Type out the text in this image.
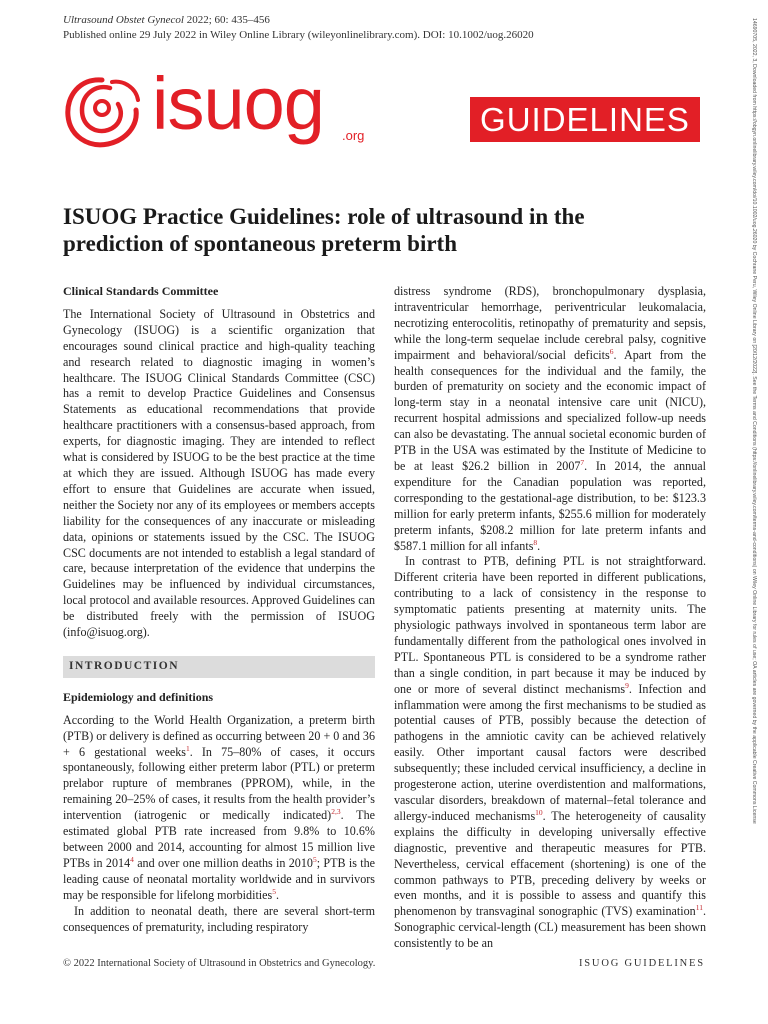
Ultrasound Obstet Gynecol 2022; 60: 435–456
Published online 29 July 2022 in Wiley Online Library (wileyonlinelibrary.com). DOI: 10.1002/uog.26020
isuog .org	GUIDELINES
ISUOG Practice Guidelines: role of ultrasound in the prediction of spontaneous preterm birth

Clinical Standards Committee

The International Society of Ultrasound in Obstetrics and Gynecology (ISUOG) is a scientific organization that encourages sound clinical practice and high-quality teaching and research related to diagnostic imaging in women’s healthcare. The ISUOG Clinical Standards Committee (CSC) has a remit to develop Practice Guidelines and Consensus Statements as educational recommendations that provide healthcare practitioners with a consensus-based approach, from experts, for diagnostic imaging. They are intended to reflect what is considered by ISUOG to be the best practice at the time at which they are issued. Although ISUOG has made every effort to ensure that Guidelines are accurate when issued, neither the Society nor any of its employees or members accepts liability for the consequences of any inaccurate or misleading data, opinions or statements issued by the CSC. The ISUOG CSC documents are not intended to establish a legal standard of care, because interpretation of the evidence that underpins the Guidelines may be influenced by individual circumstances, local protocol and available resources. Approved Guidelines can be distributed freely with the permission of ISUOG (info@isuog.org).

INTRODUCTION

Epidemiology and definitions

According to the World Health Organization, a preterm birth (PTB) or delivery is defined as occurring between 20 + 0 and 36 + 6 gestational weeks$^1$. In 75–80% of cases, it occurs spontaneously, following either preterm labor (PTL) or preterm prelabor rupture of membranes (PPROM), while, in the remaining 20–25% of cases, it results from the health provider’s intervention (iatrogenic or medically indicated)$^{2,3}$. The estimated global PTB rate increased from 9.8% to 10.6% between 2000 and 2014, accounting for almost 15 million live PTBs in 2014$^4$ and over one million deaths in 2010$^5$; PTB is the leading cause of neonatal mortality worldwide and in survivors may be responsible for lifelong morbidities$^5$.

In addition to neonatal death, there are several short-term consequences of prematurity, including respiratory

distress syndrome (RDS), bronchopulmonary dysplasia, intraventricular hemorrhage, periventricular leukomalacia, necrotizing enterocolitis, retinopathy of prematurity and sepsis, while the long-term sequelae include cerebral palsy, cognitive impairment and behavioral/social deficits$^6$. Apart from the health consequences for the individual and the family, the burden of prematurity on society and the economic impact of long-term stay in a neonatal intensive care unit (NICU), recurrent hospital admissions and specialized follow-up needs can also be devastating. The annual societal economic burden of PTB in the USA was estimated by the Institute of Medicine to be at least $26.2 billion in 2007$^7$. In 2014, the annual expenditure for the Canadian population was reported, corresponding to the gestational-age distribution, to be: $123.3 million for early preterm infants, $255.6 million for moderately preterm infants, $208.2 million for late preterm infants and $587.1 million for all infants$^8$.

In contrast to PTB, defining PTL is not straightforward. Different criteria have been reported in different publications, contributing to a lack of consistency in the response to symptomatic patients presenting at maternity units. The physiologic pathways involved in spontaneous term labor are fundamentally different from the pathological ones involved in PTL. Spontaneous PTL is considered to be a syndrome rather than a single condition, in part because it may be induced by one or more of several distinct mechanisms$^9$. Infection and inflammation were among the first mechanisms to be studied as potential causes of PTB, possibly because the detection of pathogens in the amniotic cavity can be achieved relatively easily. Other important causal factors were described subsequently; these included cervical insufficiency, a decline in progesterone action, uterine overdistention and malformations, vascular disorders, breakdown of maternal–fetal tolerance and allergy-induced mechanisms$^{10}$. The heterogeneity of causality explains the difficulty in developing universally effective diagnostic, preventive and therapeutic measures for PTB. Nevertheless, cervical effacement (shortening) is one of the common pathways to PTB, preceding delivery by weeks or even months, and it is possible to assess and quantify this phenomenon by transvaginal sonographic (TVS) examination$^{11}$. Sonographic cervical-length (CL) measurement has been shown consistently to be an

© 2022 International Society of Ultrasound in Obstetrics and Gynecology.	ISUOG GUIDELINES
14690705, 2022, 3, Downloaded from https://obgyn.onlinelibrary.wiley.com/doi/10.1002/uog.26020 by Cochrane Peru, Wiley Online Library on [20/12/2022]. See the Terms and Conditions (https://onlinelibrary.wiley.com/terms-and-conditions) on Wiley Online Library for rules of use; OA articles are governed by the applicable Creative Commons License
